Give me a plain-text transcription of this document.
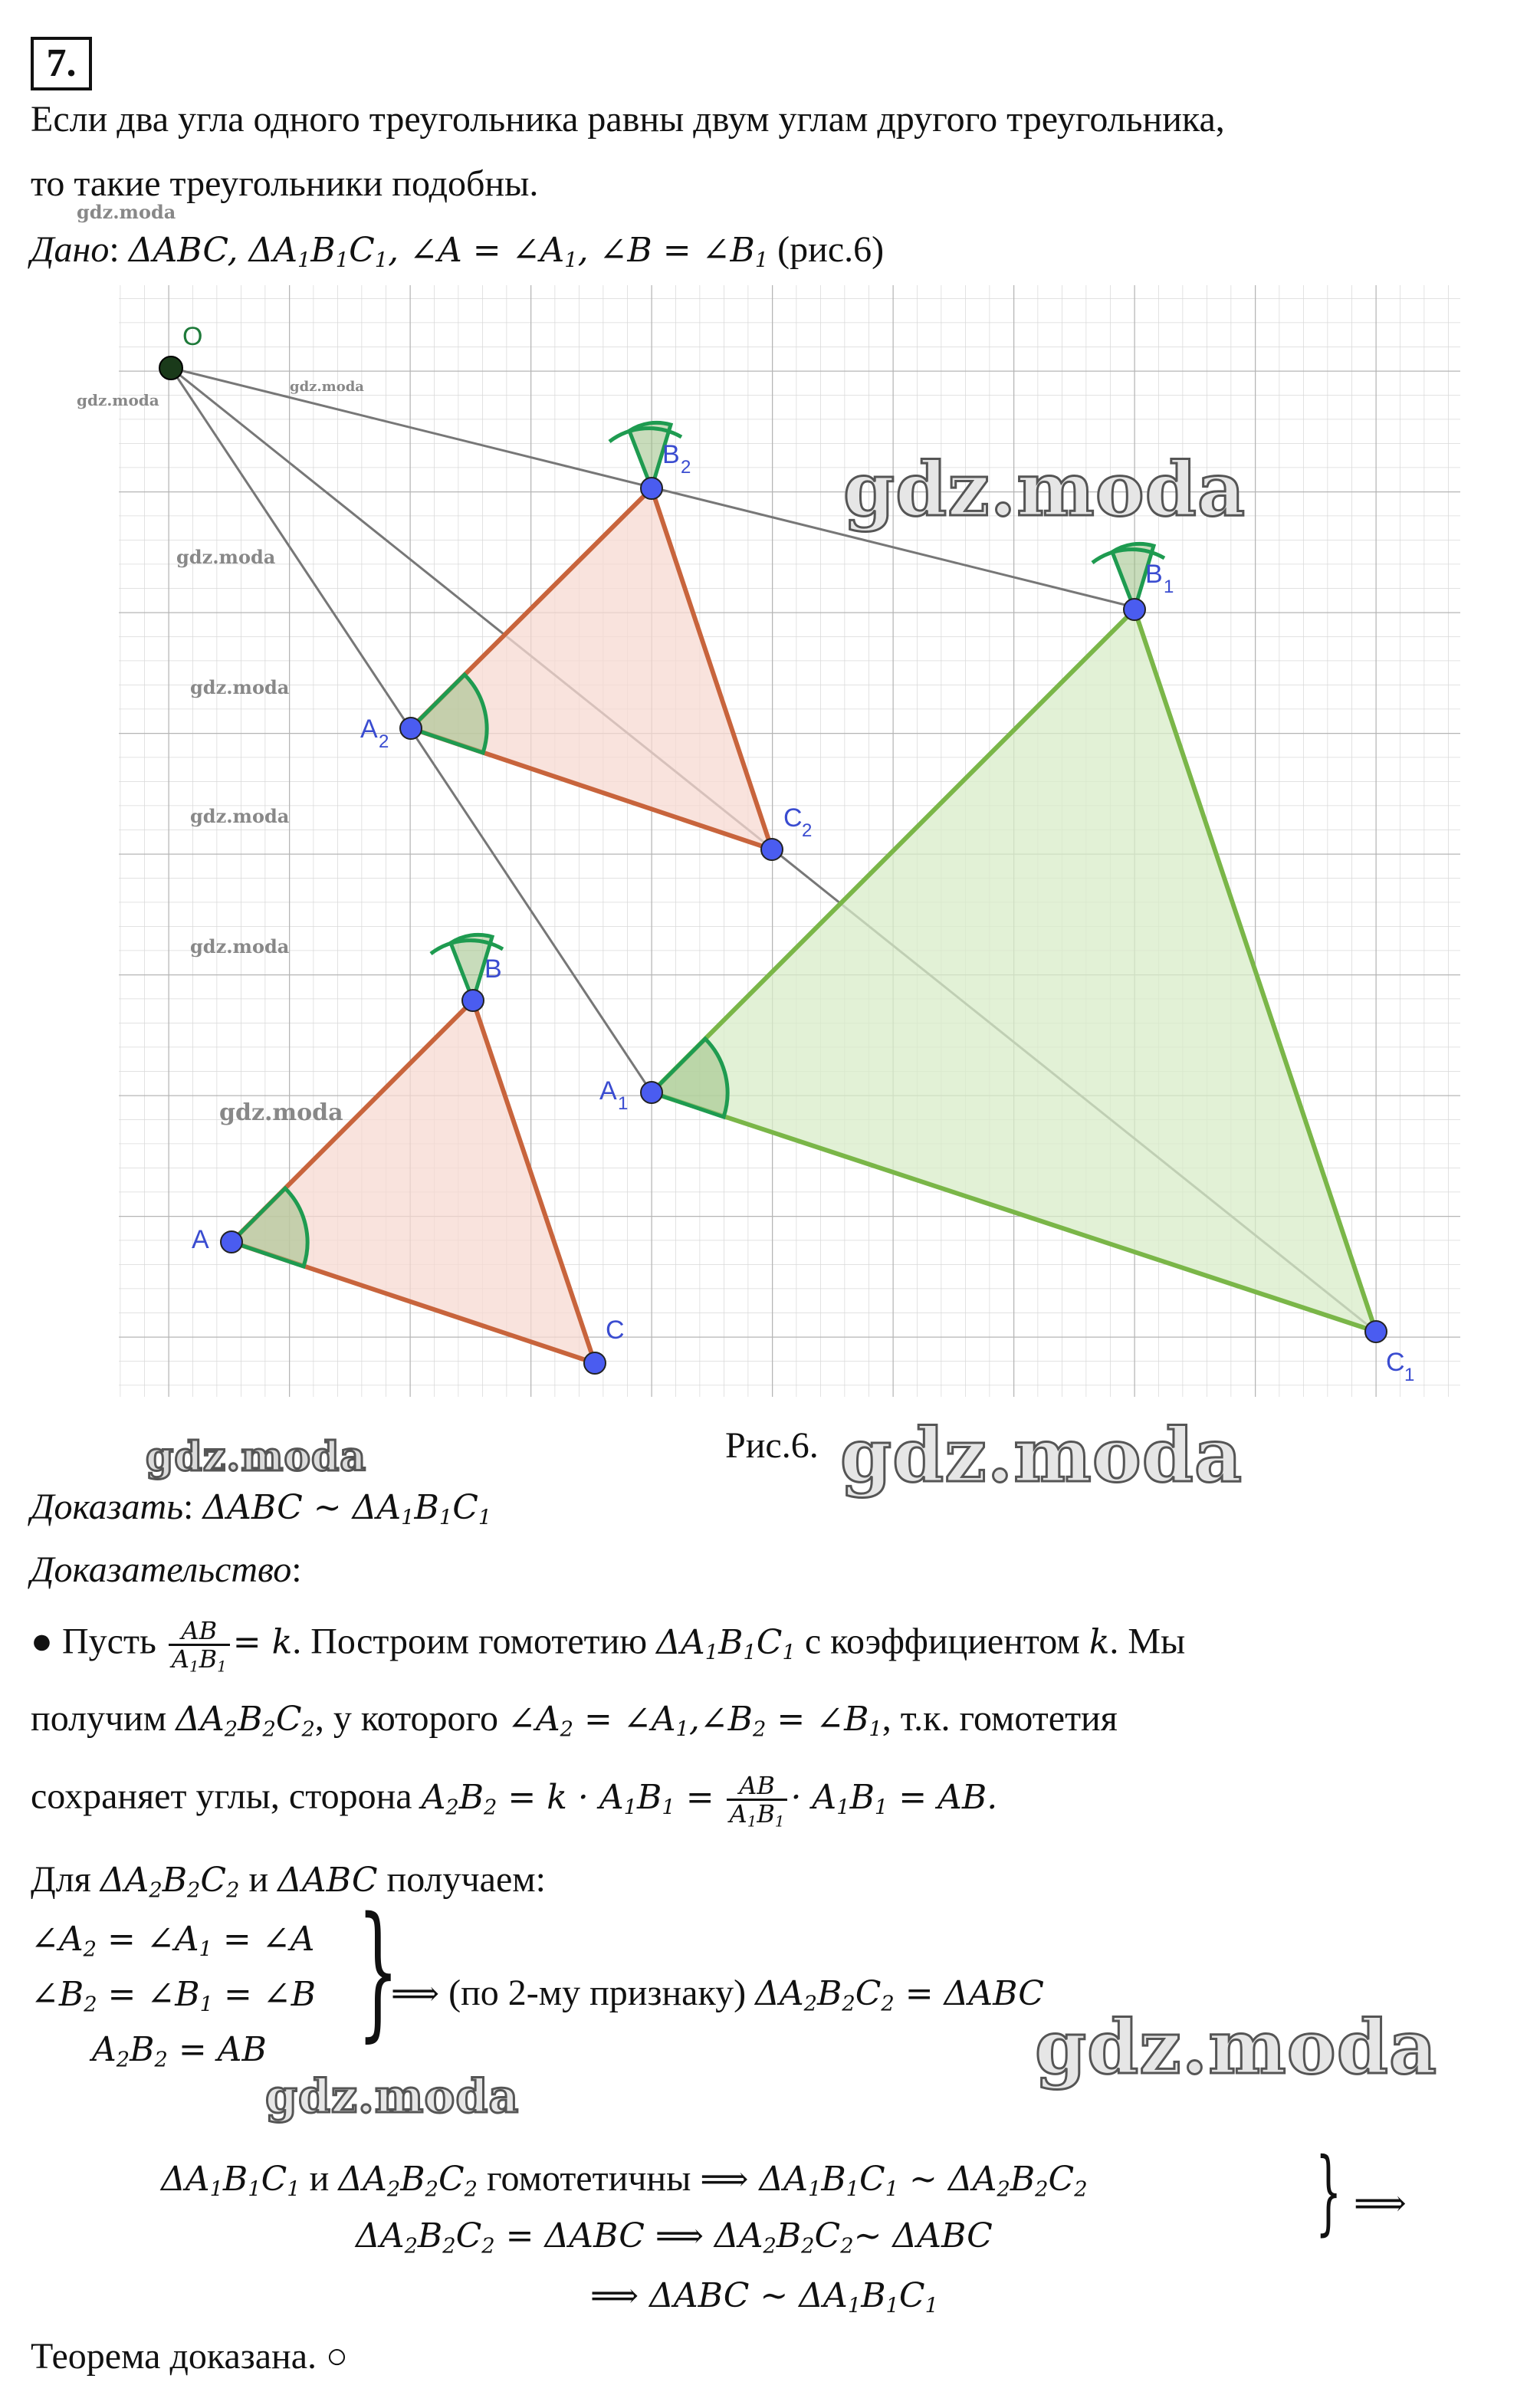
7.
Если два угла одного треугольника равны двум углам другого треугольника,
то такие треугольники подобны.
Дано: ΔABC, $\Delta A_1B_1C_1$, ∠A = $\angle A_1$, ∠B = $\angle B_1$ (рис.6)
O
A
B
C
A 2
B 2
C 2
A 1
B 1
C 1
Рис.6.
Доказать: ΔABC ~ $\Delta A_1B_1C_1$
Доказательство:
● Пусть $\frac{AB}{A_1B_1} = k$. Построим гомотетию $\Delta A_1B_1C_1$ с коэффициентом k. Мы
получим $\Delta A_2B_2C_2$, у которого $\angle A_2$ = $\angle A_1,\angle B_2$ = $\angle B_1$, т.к. гомотетия
сохраняет углы, сторона $A_2B_2 = k \cdot A_1B_1 = \frac{AB}{A_1B_1} \cdot A_1B_1$ = AB.
Для $\Delta A_2B_2C_2$ и ΔABC получаем:
$\angle A_2$ = $\angle A_1$ = ∠A
$\angle B_2$ = $\angle B_1$ = ∠B
$A_2B_2$ = AB }
⟹ (по 2-му признаку) $\Delta A_2B_2C_2 = \Delta ABC$
$\Delta A_1B_1C_1$ и $\Delta A_2B_2C_2$ гомотетичны ⟹ $\Delta A_1B_1C_1$ ~ $\Delta A_2B_2C_2$
$\Delta A_2B_2C_2 = \Delta ABC$ ⟹ $\Delta A_2B_2C_2\sim$ ΔABC	} ⟹
⟹ ΔABC ~ $\Delta A_1B_1C_1$
Теорема доказана. ○
gdz.moda
gdz.moda
gdz.moda
gdz.moda
gdz.moda
gdz.moda
gdz.moda
gdz.moda
gdz.moda
gdz.moda	gdz.moda
gdz.moda
gdz.moda
